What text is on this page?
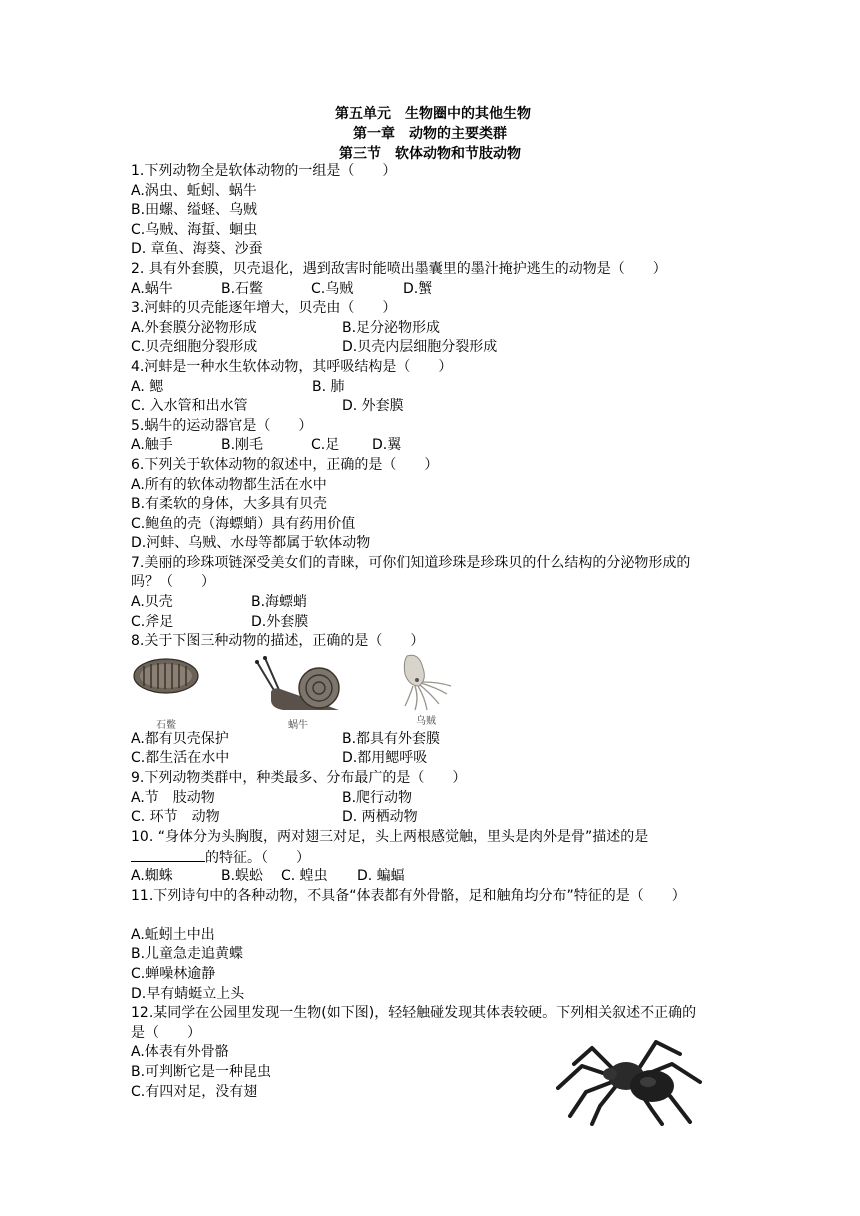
第五单元　生物圈中的其他生物
第一章　动物的主要类群
第三节　软体动物和节肢动物
1.下列动物全是软体动物的一组是（　　）
A.涡虫、蚯蚓、蜗牛
B.田螺、缢蛏、乌贼
C.乌贼、海蜇、蛔虫
D. 章鱼、海葵、沙蚕
2. 具有外套膜，贝壳退化，遇到敌害时能喷出墨囊里的墨汁掩护逃生的动物是（　　）
A.蜗牛	B.石鳖	C.乌贼	D.蟹
3.河蚌的贝壳能逐年增大，贝壳由（　　）
A.外套膜分泌物形成	B.足分泌物形成
C.贝壳细胞分裂形成	D.贝壳内层细胞分裂形成
4.河蚌是一种水生软体动物，其呼吸结构是（　　）
A. 鳃	B. 肺
C. 入水管和出水管	D. 外套膜
5.蜗牛的运动器官是（　　）
A.触手	B.刚毛	C.足 D.翼
6.下列关于软体动物的叙述中，正确的是（　　）
A.所有的软体动物都生活在水中
B.有柔软的身体，大多具有贝壳
C.鲍鱼的壳（海螵蛸）具有药用价值
D.河蚌、乌贼、水母等都属于软体动物
7.美丽的珍珠项链深受美女们的青睐，可你们知道珍珠是珍珠贝的什么结构的分泌物形成的
吗？（　　）
A.贝壳	B.海螵蛸
C.斧足	D.外套膜
8.关于下图三种动物的描述，正确的是（　　）
石鳖	蜗牛	乌贼
A.都有贝壳保护	B.都具有外套膜
C.都生活在水中	D.都用鳃呼吸
9.下列动物类群中，种类最多、分布最广的是（　　）
A.节　肢动物	B.爬行动物
C. 环节　动物	D. 两栖动物
10. “身体分为头胸腹，两对翅三对足，头上两根感觉触，里头是肉外是骨”描述的是
的特征。（　　）
A.蜘蛛	B.蜈蚣 C. 蝗虫 D. 蝙蝠
11.下列诗句中的各种动物，不具备“体表都有外骨骼，足和触角均分布”特征的是（　　）
A.蚯蚓土中出
B.儿童急走追黄蝶
C.蝉噪林逾静
D.早有蜻蜓立上头
12.某同学在公园里发现一生物(如下图)，轻轻触碰发现其体表较硬。下列相关叙述不正确的
是（　　）
A.体表有外骨骼
B.可判断它是一种昆虫
C.有四对足，没有翅
